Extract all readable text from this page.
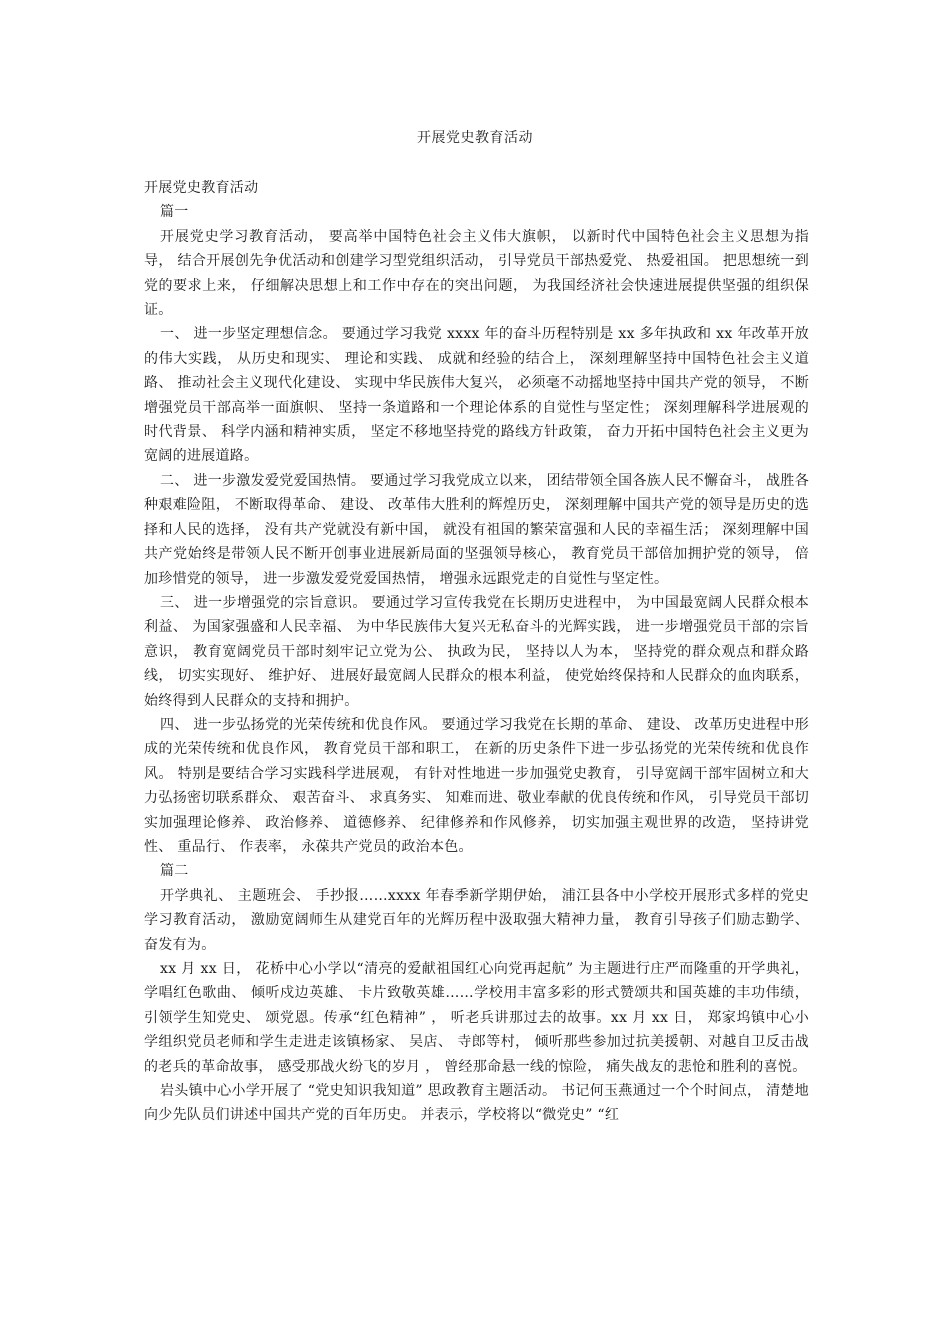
开展党史教育活动

开展党史教育活动

篇一

开展党史学习教育活动， 要高举中国特色社会主义伟大旗帜， 以新时代中国特色社会主义思想为指导， 结合开展创先争优活动和创建学习型党组织活动， 引导党员干部热爱党、 热爱祖国。 把思想统一到党的要求上来， 仔细解决思想上和工作中存在的突出问题， 为我国经济社会快速进展提供坚强的组织保证。

一、 进一步坚定理想信念。 要通过学习我党 xxxx 年的奋斗历程特别是 xx 多年执政和 xx 年改革开放的伟大实践， 从历史和现实、 理论和实践、 成就和经验的结合上， 深刻理解坚持中国特色社会主义道路、 推动社会主义现代化建设、 实现中华民族伟大复兴， 必须毫不动摇地坚持中国共产党的领导， 不断增强党员干部高举一面旗帜、 坚持一条道路和一个理论体系的自觉性与坚定性； 深刻理解科学进展观的时代背景、 科学内涵和精神实质， 坚定不移地坚持党的路线方针政策， 奋力开拓中国特色社会主义更为宽阔的进展道路。

二、 进一步激发爱党爱国热情。 要通过学习我党成立以来， 团结带领全国各族人民不懈奋斗， 战胜各种艰难险阻， 不断取得革命、 建设、 改革伟大胜利的辉煌历史， 深刻理解中国共产党的领导是历史的选择和人民的选择， 没有共产党就没有新中国， 就没有祖国的繁荣富强和人民的幸福生活； 深刻理解中国共产党始终是带领人民不断开创事业进展新局面的坚强领导核心， 教育党员干部倍加拥护党的领导， 倍加珍惜党的领导， 进一步激发爱党爱国热情， 增强永远跟党走的自觉性与坚定性。

三、 进一步增强党的宗旨意识。 要通过学习宣传我党在长期历史进程中， 为中国最宽阔人民群众根本利益、 为国家强盛和人民幸福、 为中华民族伟大复兴无私奋斗的光辉实践， 进一步增强党员干部的宗旨意识， 教育宽阔党员干部时刻牢记立党为公、 执政为民， 坚持以人为本， 坚持党的群众观点和群众路线， 切实实现好、 维护好、 进展好最宽阔人民群众的根本利益， 使党始终保持和人民群众的血肉联系， 始终得到人民群众的支持和拥护。

四、 进一步弘扬党的光荣传统和优良作风。 要通过学习我党在长期的革命、 建设、 改革历史进程中形成的光荣传统和优良作风， 教育党员干部和职工， 在新的历史条件下进一步弘扬党的光荣传统和优良作风。 特别是要结合学习实践科学进展观， 有针对性地进一步加强党史教育， 引导宽阔干部牢固树立和大力弘扬密切联系群众、 艰苦奋斗、 求真务实、 知难而进、敬业奉献的优良传统和作风， 引导党员干部切实加强理论修养、 政治修养、 道德修养、 纪律修养和作风修养， 切实加强主观世界的改造， 坚持讲党性、 重品行、 作表率， 永葆共产党员的政治本色。

篇二

开学典礼、 主题班会、 手抄报……xxxx 年春季新学期伊始， 浦江县各中小学校开展形式多样的党史学习教育活动， 激励宽阔师生从建党百年的光辉历程中汲取强大精神力量， 教育引导孩子们励志勤学、 奋发有为。

xx 月 xx 日， 花桥中心小学以“清亮的爱献祖国红心向党再起航” 为主题进行庄严而隆重的开学典礼， 学唱红色歌曲、 倾听戍边英雄、 卡片致敬英雄……学校用丰富多彩的形式赞颂共和国英雄的丰功伟绩， 引领学生知党史、 颂党恩。传承“红色精神” ， 听老兵讲那过去的故事。xx 月 xx 日， 郑家坞镇中心小学组织党员老师和学生走进走该镇杨家、 吴店、 寺郎等村， 倾听那些参加过抗美援朝、对越自卫反击战的老兵的革命故事， 感受那战火纷飞的岁月 ， 曾经那命悬一线的惊险， 痛失战友的悲怆和胜利的喜悦。

岩头镇中心小学开展了 “党史知识我知道” 思政教育主题活动。 书记何玉燕通过一个个时间点， 清楚地向少先队员们讲述中国共产党的百年历史。 并表示，学校将以“微党史” “红
